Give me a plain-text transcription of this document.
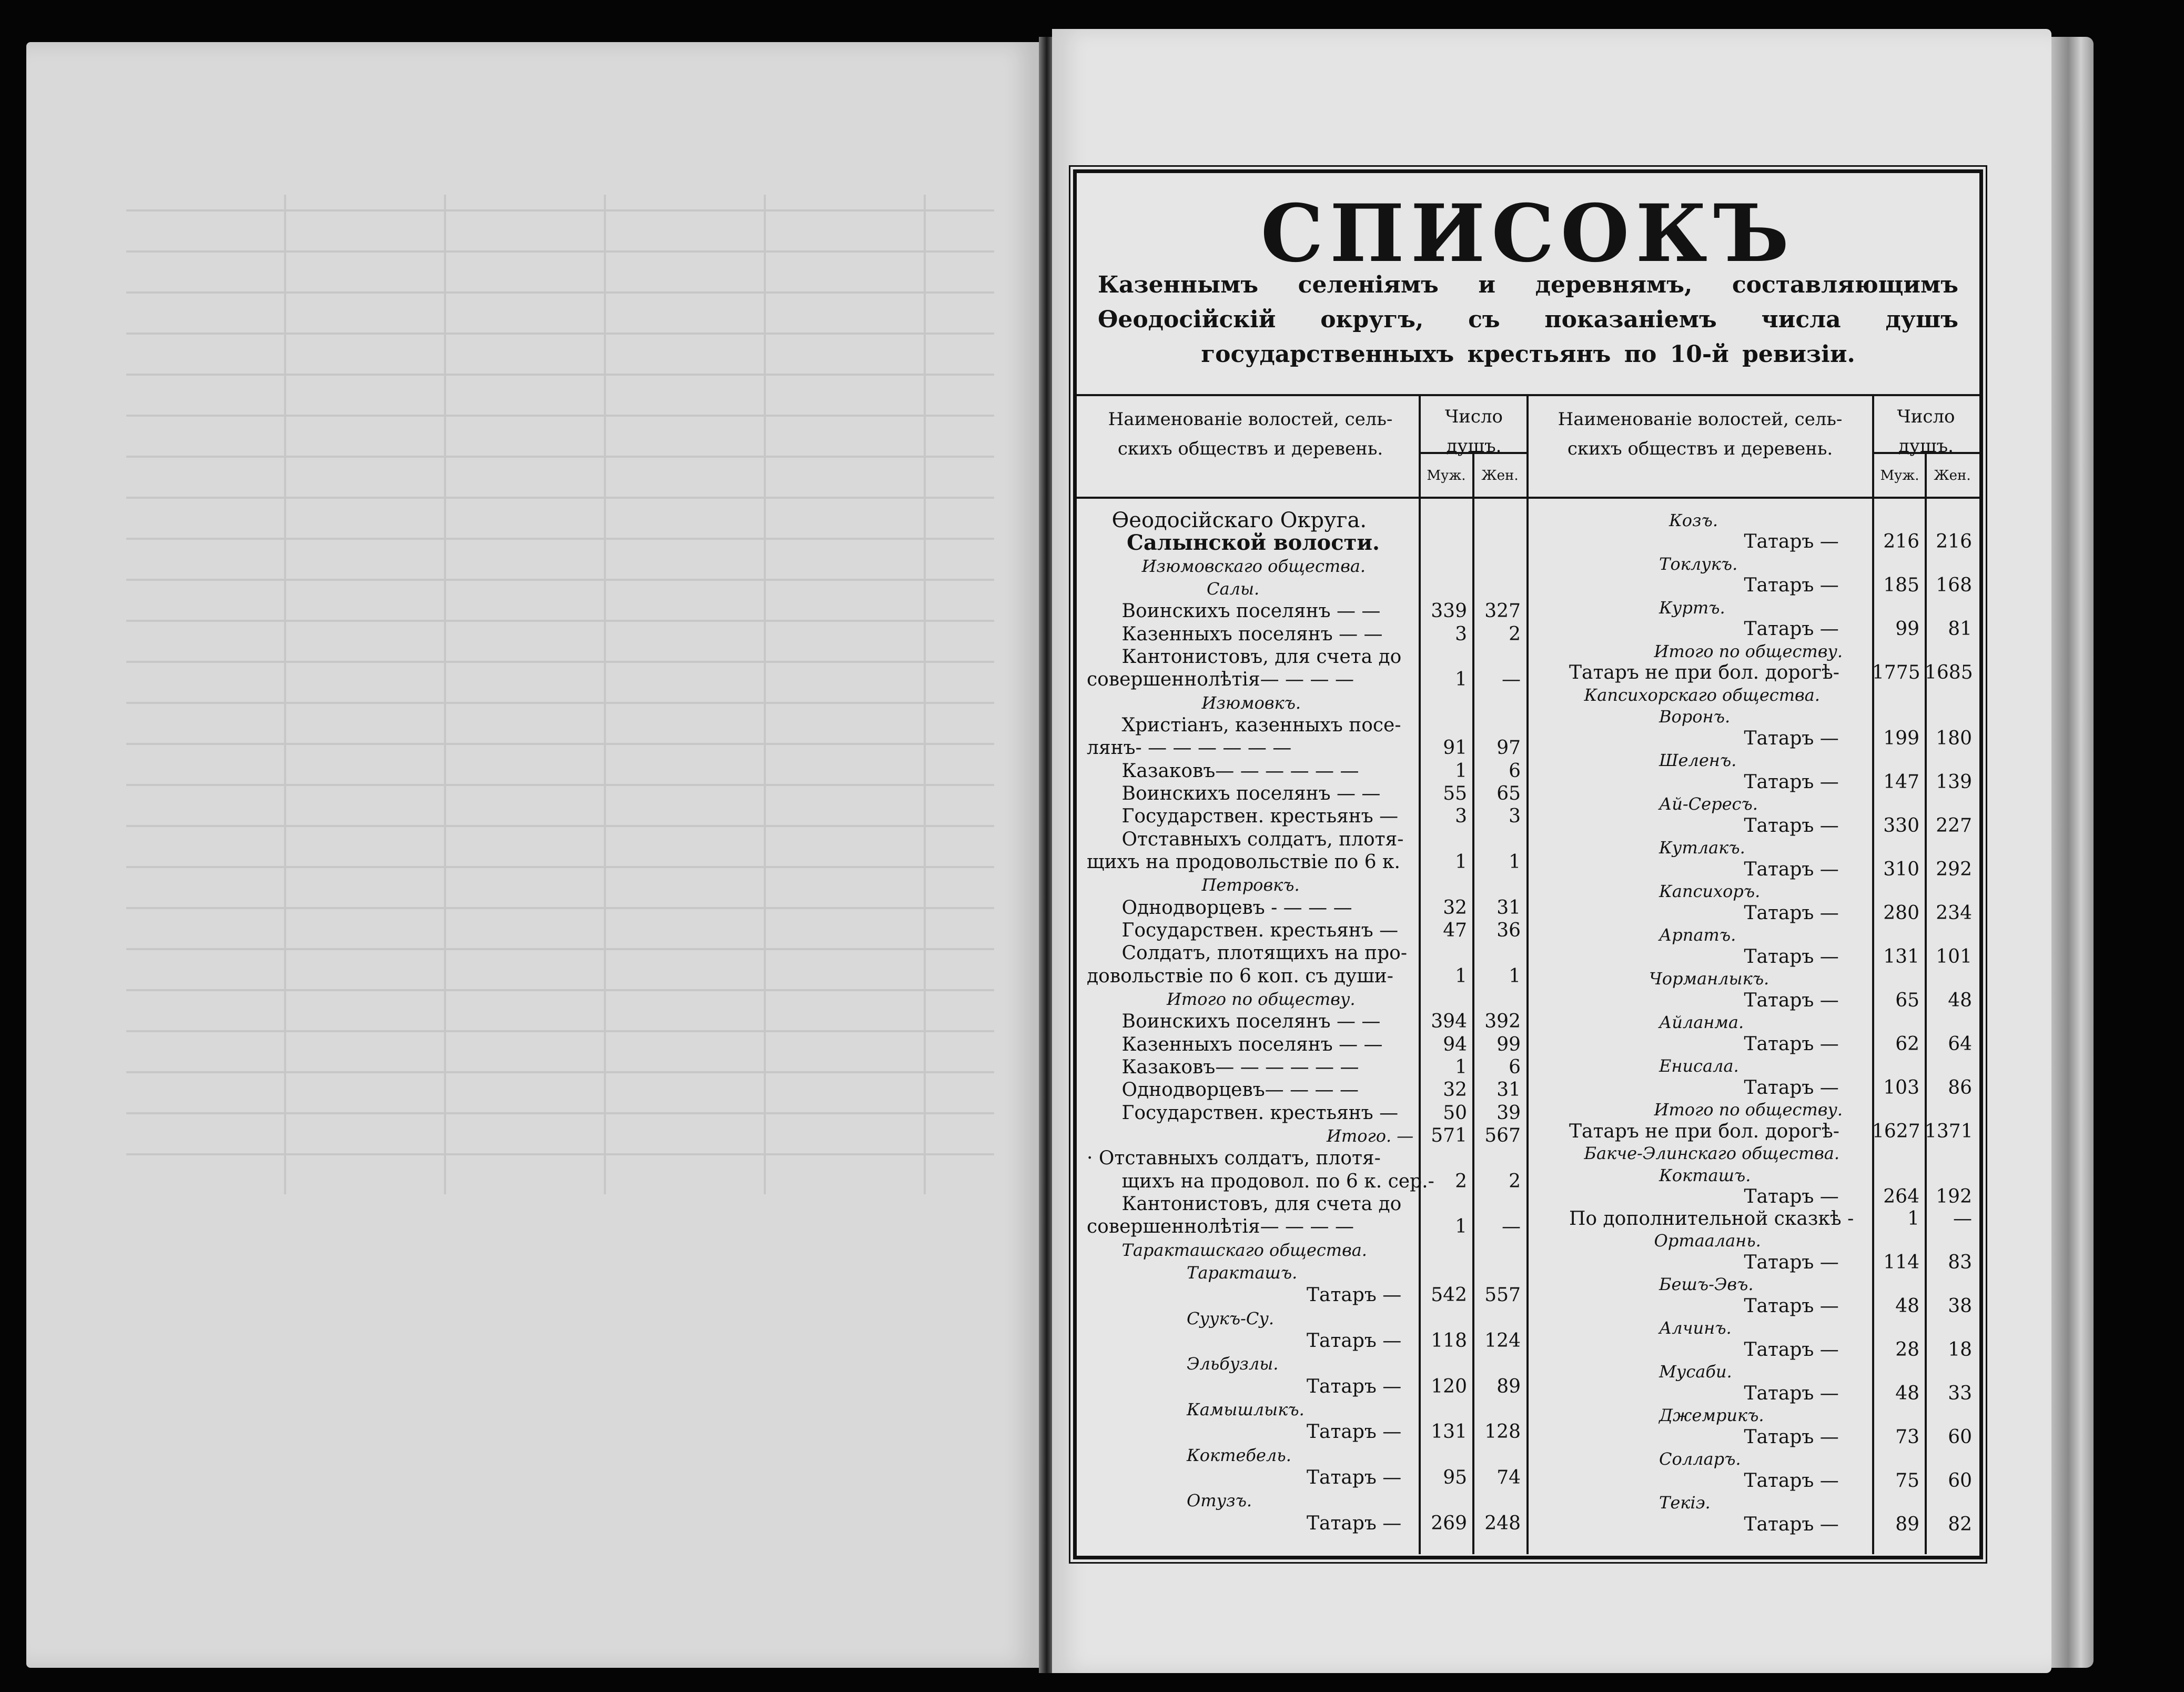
СПИСОКЪ
Казеннымъ селеніямъ и деревнямъ, составляющимъ Өеодосійскій округъ, съ показаніемъ числа душъ государственныхъ крестьянъ по 10-й ревизіи.
Наименованіе волостей, сель- скихъ обществъ и деревень.
Число душъ.
Муж.	Жен.
Наименованіе волостей, сель- скихъ обществъ и деревень.
Число душъ.
Муж.	Жен.
Өеодосійскаго Округа.
Салынской волости.
Изюмовскаго общества.
Салы.
Воинскихъ поселянъ — —	339 327
Казенныхъ поселянъ — —	3	2
Кантонистовъ, для счета до
совершеннолѣтія— — — —	1	—
Изюмовкъ.
Христіанъ, казенныхъ посе-
лянъ- — — — — — —	91	97
Казаковъ— — — — — —	1	6
Воинскихъ поселянъ — —	55	65
Государствен. крестьянъ —	3	3
Отставныхъ солдатъ, плотя-
щихъ на продовольствіе по 6 к.	1	1
Петровкъ.
Однодворцевъ - — — —	32	31
Государствен. крестьянъ —	47	36
Солдатъ, плотящихъ на про-
довольствіе по 6 коп. съ души-	1	1
Итого по обществу.
Воинскихъ поселянъ — —	394 392
Казенныхъ поселянъ — —	94	99
Казаковъ— — — — — —	1	6
Однодворцевъ— — — —	32	31
Государствен. крестьянъ —	50	39
Итого. — 571 567
· Отставныхъ солдатъ, плотя-
щихъ на продовол. по 6 к. сер.-	2	2
Кантонистовъ, для счета до
совершеннолѣтія— — — —	1	—
Таракташскаго общества.
Таракташъ.
Татаръ —	542 557
Суукъ-Су.
Татаръ —	118 124
Эльбузлы.
Татаръ —	120	89
Камышлыкъ.
Татаръ —	131 128
Коктебель.
Татаръ —	95	74
Отузъ.
Татаръ —	269 248
Козъ.
Татаръ —	216 216
Токлукъ.
Татаръ —	185 168
Куртъ.
Татаръ —	99	81
Итого по обществу.
Татаръ не при бол. дорогѣ- 1775 1685
Капсихорскаго общества.
Воронъ.
Татаръ —	199 180
Шеленъ.
Татаръ —	147 139
Ай-Сересъ.
Татаръ —	330 227
Кутлакъ.
Татаръ —	310 292
Капсихоръ.
Татаръ —	280 234
Арпатъ.
Татаръ —	131 101
Чорманлыкъ.
Татаръ —	65	48
Айланма.
Татаръ —	62	64
Енисала.
Татаръ —	103	86
Итого по обществу.
Татаръ не при бол. дорогѣ- 1627 1371
Бакче-Элинскаго общества.
Кокташъ.
Татаръ —	264 192
По дополнительной сказкѣ -	1	—
Ортаалань.
Татаръ —	114	83
Бешъ-Эвъ.
Татаръ —	48	38
Алчинъ.
Татаръ —	28	18
Мусаби.
Татаръ —	48	33
Джемрикъ.
Татаръ —	73	60
Солларъ.
Татаръ —	75	60
Текіэ.
Татаръ —	89	82
